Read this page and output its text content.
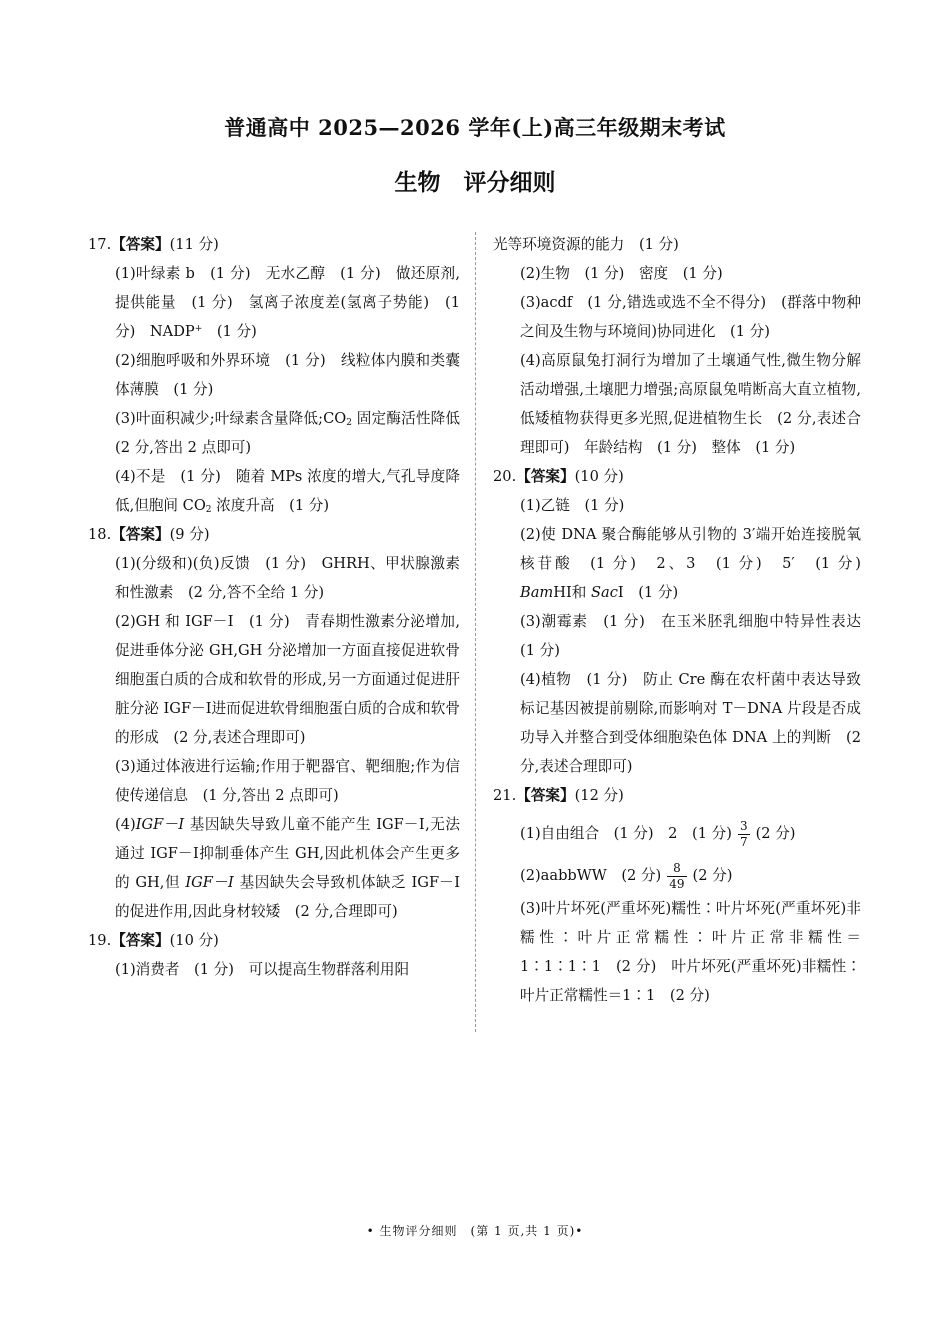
普通高中 2025—2026 学年(上)高三年级期末考试
生物　评分细则
17.【答案】(11 分)
(1)叶绿素 b　(1 分)　无水乙醇　(1 分)　做还原剂,提供能量　(1 分)　氢离子浓度差(氢离子势能)　(1 分)　NADP+　(1 分)
(2)细胞呼吸和外界环境　(1 分)　线粒体内膜和类囊体薄膜　(1 分)
(3)叶面积减少;叶绿素含量降低$;CO_2$ 固定酶活性降低　(2 分,答出 2 点即可)
(4)不是　(1 分)　随着 MPs 浓度的增大,气孔导度降低,但胞间 $CO_2$ 浓度升高　(1 分)
18.【答案】(9 分)
(1)(分级和)(负)反馈　(1 分)　GHRH、甲状腺激素和性激素　(2 分,答不全给 1 分)
(2)GH 和 IGF－Ⅰ　(1 分)　青春期性激素分泌增加,促进垂体分泌 GH,GH 分泌增加一方面直接促进软骨细胞蛋白质的合成和软骨的形成,另一方面通过促进肝脏分泌 IGF－Ⅰ进而促进软骨细胞蛋白质的合成和软骨的形成　(2 分,表述合理即可)
(3)通过体液进行运输;作用于靶器官、靶细胞;作为信使传递信息　(1 分,答出 2 点即可)
(4)IGF－Ⅰ 基因缺失导致儿童不能产生 IGF－Ⅰ,无法通过 IGF－Ⅰ抑制垂体产生 GH,因此机体会产生更多的 GH,但 IGF－Ⅰ 基因缺失会导致机体缺乏 IGF－Ⅰ的促进作用,因此身材较矮　(2 分,合理即可)
19.【答案】(10 分)
(1)消费者　(1 分)　可以提高生物群落利用阳
光等环境资源的能力　(1 分)
(2)生物　(1 分)　密度　(1 分)
(3)acdf　(1 分,错选或选不全不得分)　(群落中物种之间及生物与环境间)协同进化　(1 分)
(4)高原鼠兔打洞行为增加了土壤通气性,微生物分解活动增强,土壤肥力增强;高原鼠兔啃断高大直立植物,低矮植物获得更多光照,促进植物生长　(2 分,表述合理即可)　年龄结构　(1 分)　整体　(1 分)
20.【答案】(10 分)
(1)乙链　(1 分)
(2)使 DNA 聚合酶能够从引物的 3′端开始连接脱氧核苷酸　(1 分)　2、3　(1 分)　5′　(1 分)　BamHⅠ和 SacⅠ　(1 分)
(3)潮霉素　(1 分)　在玉米胚乳细胞中特异性表达　(1 分)
(4)植物　(1 分)　防止 Cre 酶在农杆菌中表达导致标记基因被提前剔除,而影响对 T－DNA 片段是否成功导入并整合到受体细胞染色体 DNA 上的判断　(2 分,表述合理即可)
21.【答案】(12 分)
(1)自由组合　(1 分)　2　(1 分) $\frac{3}{7} (2$ 分)
(2)aabbWW　(2 分) $\frac{8}{49} (2$ 分)
(3)叶片坏死(严重坏死)糯性∶叶片坏死(严重坏死)非糯性∶叶片正常糯性∶叶片正常非糯性＝1∶1∶1∶1　(2 分)　叶片坏死(严重坏死)非糯性∶叶片正常糯性＝1∶1　(2 分)
• 生物评分细则　(第 1 页,共 1 页)•
